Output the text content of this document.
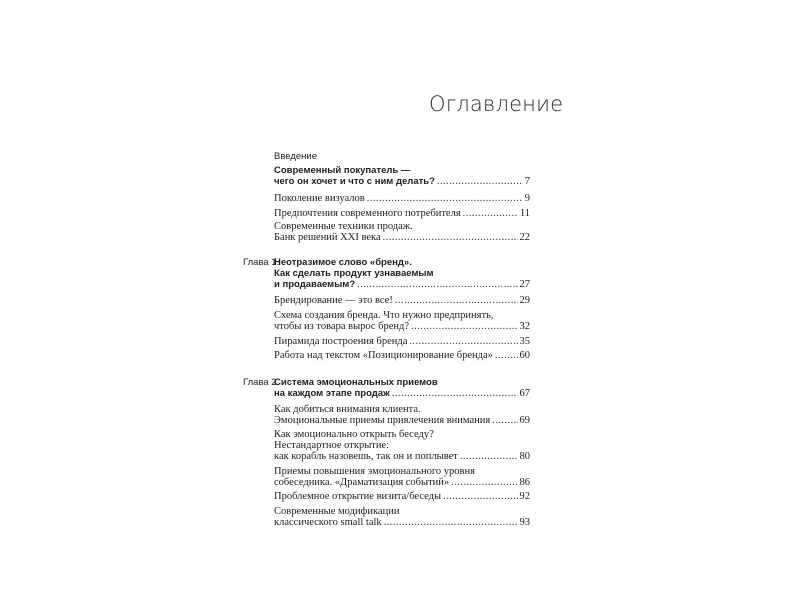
Оглавление
Введение
Современный покупатель —
чего он хочет и что с ним делать? . . .	7
Поколение визуалов . . .	9
Предпочтения современного потребителя . . .	11
Современные техники продаж.
Банк решений XXI века . . .	22
Глава 1.
Неотразимое слово «бренд».
Как сделать продукт узнаваемым
и продаваемым? . . .	27
Брендирование — это все! . . .	29
Схема создания бренда. Что нужно предпринять,
чтобы из товара вырос бренд? . . .	32
Пирамида построения бренда . . .	35
Работа над текстом «Позиционирование бренда» . . .	60
Глава 2.
Система эмоциональных приемов
на каждом этапе продаж . . .	67
Как добиться внимания клиента.
Эмоциональные приемы привлечения внимания . . .	69
Как эмоционально открыть беседу?
Нестандартное открытие:
как корабль назовешь, так он и поплывет . . .	80
Приемы повышения эмоционального уровня
собеседника. «Драматизация событий» . . .	86
Проблемное открытие визита/беседы . . .	92
Современные модификации
классического small talk . . .	93
